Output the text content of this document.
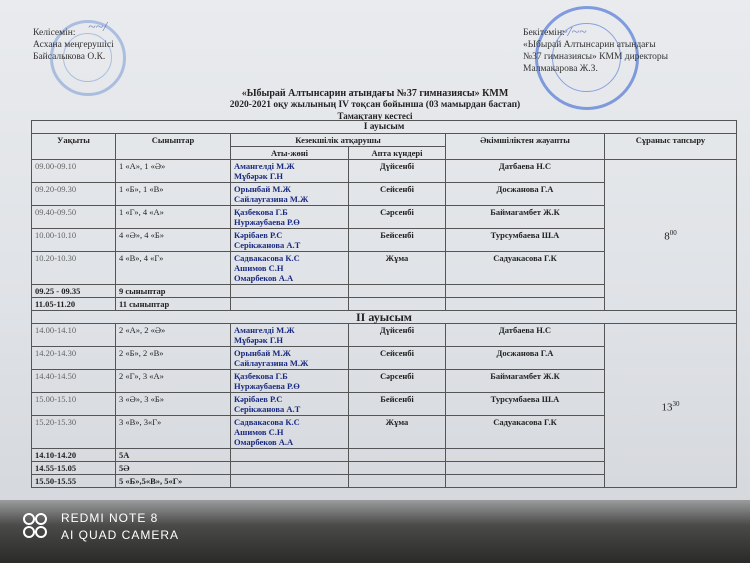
~~/	~/~~
Келісемін:
Асхана меңгерушісі
Байсалыкова О.К.
Бекітемін:
«Ыбырай Алтынсарин атындағы
№37 гимназиясы» КММ директоры
Малмакарова Ж.З.
«Ыбырай Алтынсарин атындағы №37 гимназиясы» КММ
2020-2021 оқу жылының IV тоқсан бойынша (03 мамырдан бастап)
Тамақтану кестесі
I ауысым					
Уақыты	Сыныптар	Кезекшілік атқарушы		Әкімшіліктен жауапты	Сұраныс тапсыру
		Аты-жөні	Апта күндері		
09.00-09.10	1 «А», 1 «Ә»	Амангелді М.Ж
Мұбәрәк Г.Н	Дүйсенбі	Датбаева Н.С	$8^{00}$
09.20-09.30	1 «Б», 1 «В»	Орынбай М.Ж
Сайлаугазина М.Ж	Сейсенбі	Досжанова Г.А	
09.40-09.50	1 «Г», 4 «А»	Қазбекова Г.Б
Нуржаубаева Р.Ө	Сәрсенбі	Баймагамбет Ж.К	
10.00-10.10	4 «Ә», 4 «Б»	Кәрібаев Р.С
Серікжанова А.Т	Бейсенбі	Турсумбаева Ш.А	
10.20-10.30	4 «В», 4 «Г»	Садвакасова К.С
Ашимов С.Н
Омарбеков А.А	Жұма	Садуакасова Г.К	
09.25 - 09.35	9 сыныптар				
11.05-11.20	11 сыныптар				
II ауысым					
14.00-14.10	2 «А», 2 «Ә»	Амангелді М.Ж
Мұбәрәк Г.Н	Дүйсенбі	Датбаева Н.С	$13^{30}$
14.20-14.30	2 «Б», 2 «В»	Орынбай М.Ж
Сайлаугазина М.Ж	Сейсенбі	Досжанова Г.А	
14.40-14.50	2 «Г», 3 «А»	Қазбекова Г.Б
Нуржаубаева Р.Ө	Сәрсенбі	Баймагамбет Ж.К	
15.00-15.10	3 «Ә», 3 «Б»	Кәрібаев Р.С
Серікжанова А.Т	Бейсенбі	Турсумбаева Ш.А	
15.20-15.30	3 «В», 3«Г»	Садвакасова К.С
Ашимов С.Н
Омарбеков А.А	Жұма	Садуакасова Г.К	
14.10-14.20	5А				
14.55-15.05	5Ә				
15.50-15.55	5 «Б»,5«В», 5«Г»				
REDMI NOTE 8
AI QUAD CAMERA
